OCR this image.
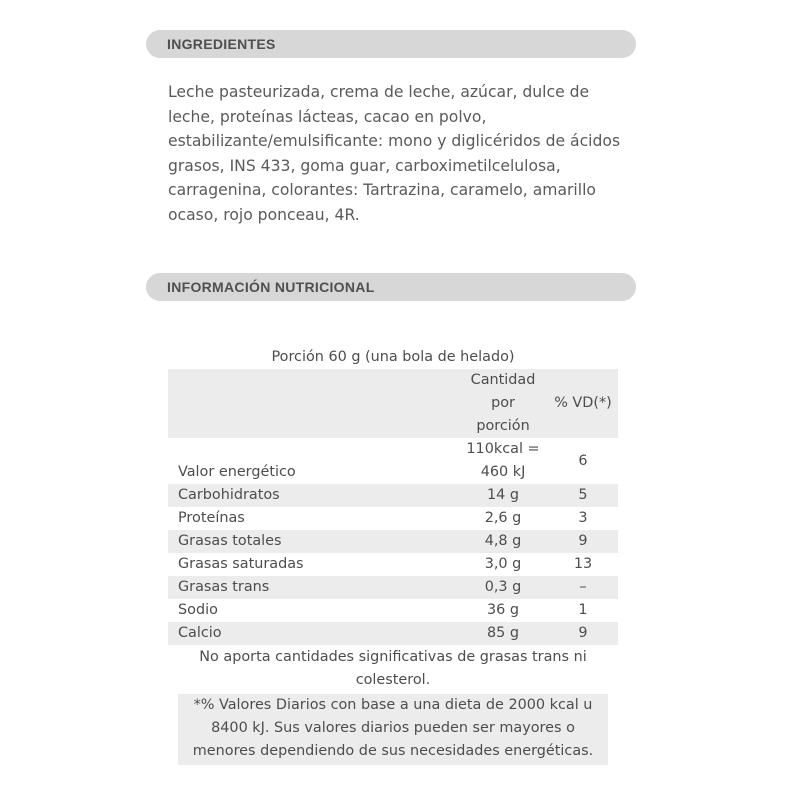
INGREDIENTES
Leche pasteurizada, crema de leche, azúcar, dulce de
leche, proteínas lácteas, cacao en polvo,
estabilizante/emulsificante: mono y diglicéridos de ácidos
grasos, INS 433, goma guar, carboximetilcelulosa,
carragenina, colorantes: Tartrazina, caramelo, amarillo
ocaso, rojo ponceau, 4R.
INFORMACIÓN NUTRICIONAL
Porción 60 g (una bola de helado)

	Cantidad
por
porción	% VD(*)
Valor energético	110kcal =
460 kJ	6
Carbohidratos	14 g	5
Proteínas	2,6 g	3
Grasas totales	4,8 g	9
Grasas saturadas	3,0 g	13
Grasas trans	0,3 g	–
Sodio	36 g	1
Calcio	85 g	9
No aporta cantidades significativas de grasas trans ni
colesterol.
*% Valores Diarios con base a una dieta de 2000 kcal u
8400 kJ. Sus valores diarios pueden ser mayores o
menores dependiendo de sus necesidades energéticas.
